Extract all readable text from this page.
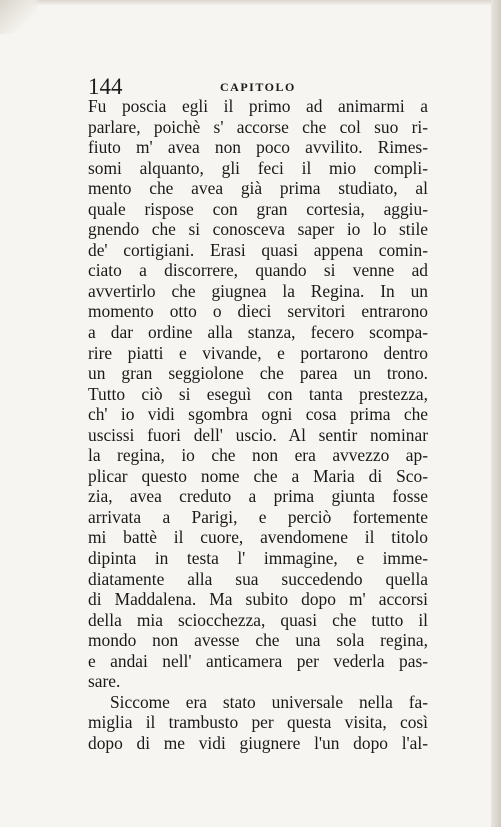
144	CAPITOLO
Fu poscia egli il primo ad animarmi a
parlare, poichè s' accorse che col suo ri-
fiuto m' avea non poco avvilito. Rimes-
somi alquanto, gli feci il mio compli-
mento che avea già prima studiato, al
quale rispose con gran cortesia, aggiu-
gnendo che si conosceva saper io lo stile
de' cortigiani. Erasi quasi appena comin-
ciato a discorrere, quando si venne ad
avvertirlo che giugnea la Regina. In un
momento otto o dieci servitori entrarono
a dar ordine alla stanza, fecero scompa-
rire piatti e vivande, e portarono dentro
un gran seggiolone che parea un trono.
Tutto ciò si eseguì con tanta prestezza,
ch' io vidi sgombra ogni cosa prima che
uscissi fuori dell' uscio. Al sentir nominar
la regina, io che non era avvezzo ap-
plicar questo nome che a Maria di Sco-
zia, avea creduto a prima giunta fosse
arrivata a Parigi, e perciò fortemente
mi battè il cuore, avendomene il titolo
dipinta in testa l' immagine, e imme-
diatamente alla sua succedendo quella
di Maddalena. Ma subito dopo m' accorsi
della mia sciocchezza, quasi che tutto il
mondo non avesse che una sola regina,
e andai nell' anticamera per vederla pas-
sare.
Siccome era stato universale nella fa-
miglia il trambusto per questa visita, così
dopo di me vidi giugnere l'un dopo l'al-
